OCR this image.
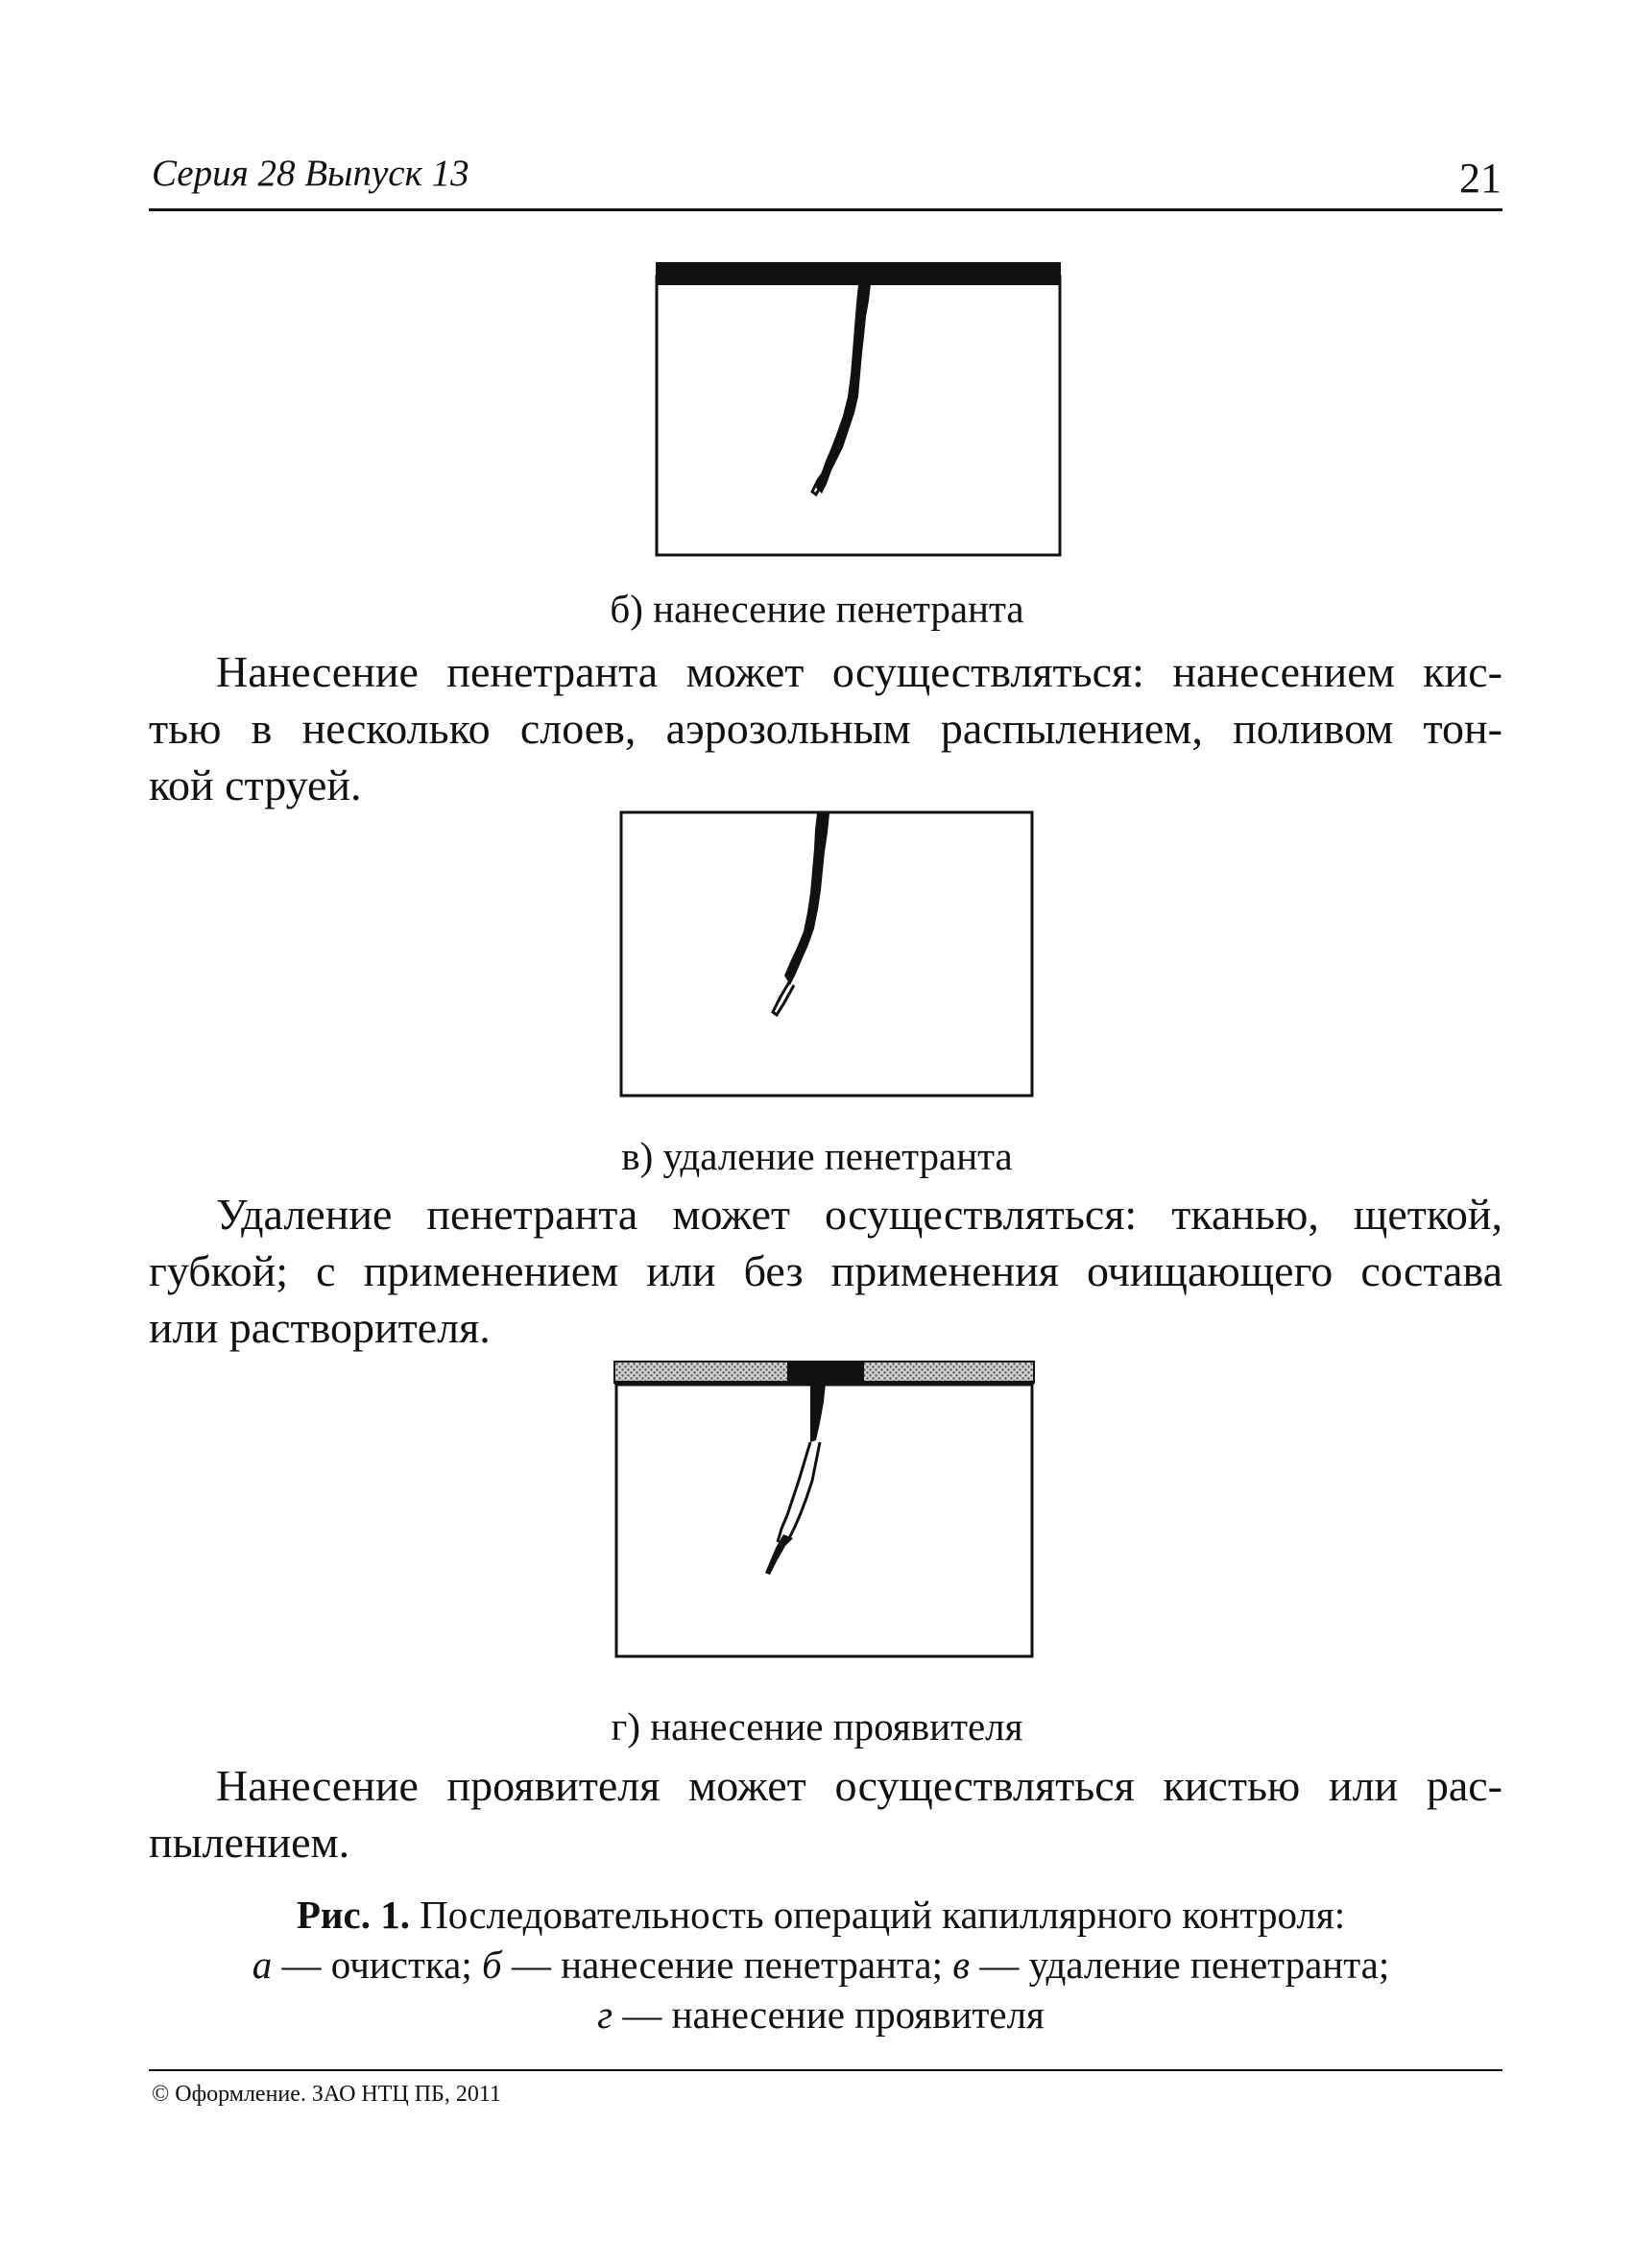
Серия 28 Выпуск 13	21
б) нанесение пенетранта
Нанесение пенетранта может осуществляться: нанесением кис-
тью в несколько слоев, аэрозольным распылением, поливом тон-
кой струей.
в) удаление пенетранта
Удаление пенетранта может осуществляться: тканью, щеткой,
губкой; с применением или без применения очищающего состава
или растворителя.
г) нанесение проявителя
Нанесение проявителя может осуществляться кистью или рас-
пылением.
Рис. 1. Последовательность операций капиллярного контроля:
а — очистка; б — нанесение пенетранта; в — удаление пенетранта;
г — нанесение проявителя
© Оформление. ЗАО НТЦ ПБ, 2011
